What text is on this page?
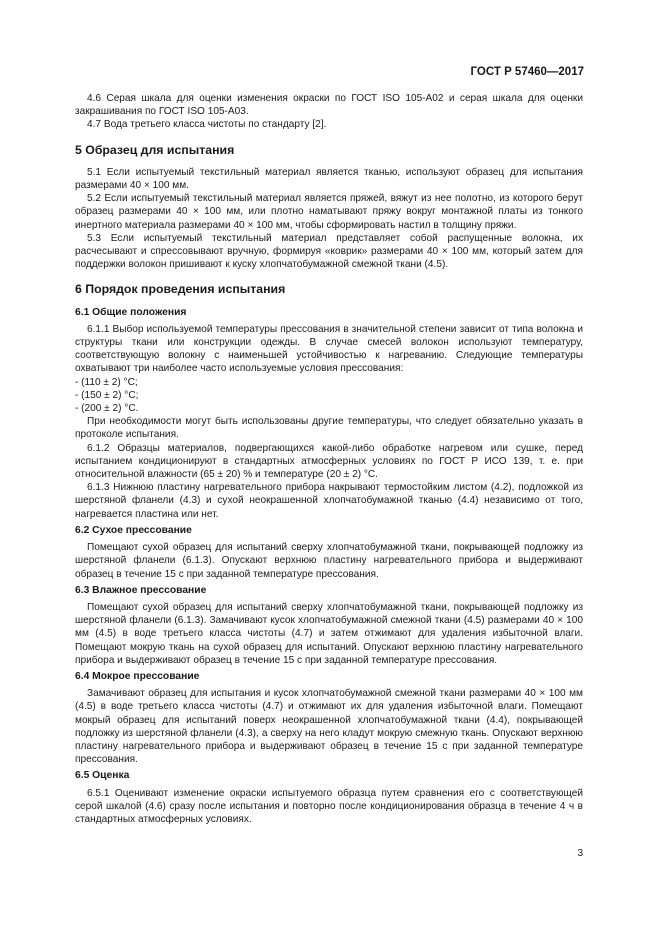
ГОСТ Р 57460—2017

4.6 Серая шкала для оценки изменения окраски по ГОСТ ISO 105-A02 и серая шкала для оценки закрашивания по ГОСТ ISO 105-A03.

4.7 Вода третьего класса чистоты по стандарту [2].

5 Образец для испытания

5.1 Если испытуемый текстильный материал является тканью, используют образец для испытания размерами 40 × 100 мм.

5.2 Если испытуемый текстильный материал является пряжей, вяжут из нее полотно, из которого берут образец размерами 40 × 100 мм, или плотно наматывают пряжу вокруг монтажной платы из тонкого инертного материала размерами 40 × 100 мм, чтобы сформировать настил в толщину пряжи.

5.3 Если испытуемый текстильный материал представляет собой распущенные волокна, их расчесывают и спрессовывают вручную, формируя «коврик» размерами 40 × 100 мм, который затем для поддержки волокон пришивают к куску хлопчатобумажной смежной ткани (4.5).

6 Порядок проведения испытания
6.1 Общие положения

6.1.1 Выбор используемой температуры прессования в значительной степени зависит от типа волокна и структуры ткани или конструкции одежды. В случае смесей волокон используют температуру, соответствующую волокну с наименьшей устойчивостью к нагреванию. Следующие температуры охватывают три наиболее часто используемые условия прессования:

- (110 ± 2) °С;

- (150 ± 2) °С;

- (200 ± 2) °С.

При необходимости могут быть использованы другие температуры, что следует обязательно указать в протоколе испытания.

6.1.2 Образцы материалов, подвергающихся какой-либо обработке нагревом или сушке, перед испытанием кондиционируют в стандартных атмосферных условиях по ГОСТ Р ИСО 139, т. е. при относительной влажности (65 ± 20) % и температуре (20 ± 2) °С.

6.1.3 Нижнюю пластину нагревательного прибора накрывают термостойким листом (4.2), подложкой из шерстяной фланели (4.3) и сухой неокрашенной хлопчатобумажной тканью (4.4) независимо от того, нагревается пластина или нет.

6.2 Сухое прессование

Помещают сухой образец для испытаний сверху хлопчатобумажной ткани, покрывающей подложку из шерстяной фланели (6.1.3). Опускают верхнюю пластину нагревательного прибора и выдерживают образец в течение 15 с при заданной температуре прессования.

6.3 Влажное прессование

Помещают сухой образец для испытаний сверху хлопчатобумажной ткани, покрывающей подложку из шерстяной фланели (6.1.3). Замачивают кусок хлопчатобумажной смежной ткани (4.5) размерами 40 × 100 мм (4.5) в воде третьего класса чистоты (4.7) и затем отжимают для удаления избыточной влаги. Помещают мокрую ткань на сухой образец для испытаний. Опускают верхнюю пластину нагревательного прибора и выдерживают образец в течение 15 с при заданной температуре прессования.

6.4 Мокрое прессование

Замачивают образец для испытания и кусок хлопчатобумажной смежной ткани размерами 40 × 100 мм (4.5) в воде третьего класса чистоты (4.7) и отжимают их для удаления избыточной влаги. Помещают мокрый образец для испытаний поверх неокрашенной хлопчатобумажной ткани (4.4), покрывающей подложку из шерстяной фланели (4.3), а сверху на него кладут мокрую смежную ткань. Опускают верхнюю пластину нагревательного прибора и выдерживают образец в течение 15 с при заданной температуре прессования.

6.5 Оценка

6.5.1 Оценивают изменение окраски испытуемого образца путем сравнения его с соответствующей серой шкалой (4.6) сразу после испытания и повторно после кондиционирования образца в течение 4 ч в стандартных атмосферных условиях.

3
